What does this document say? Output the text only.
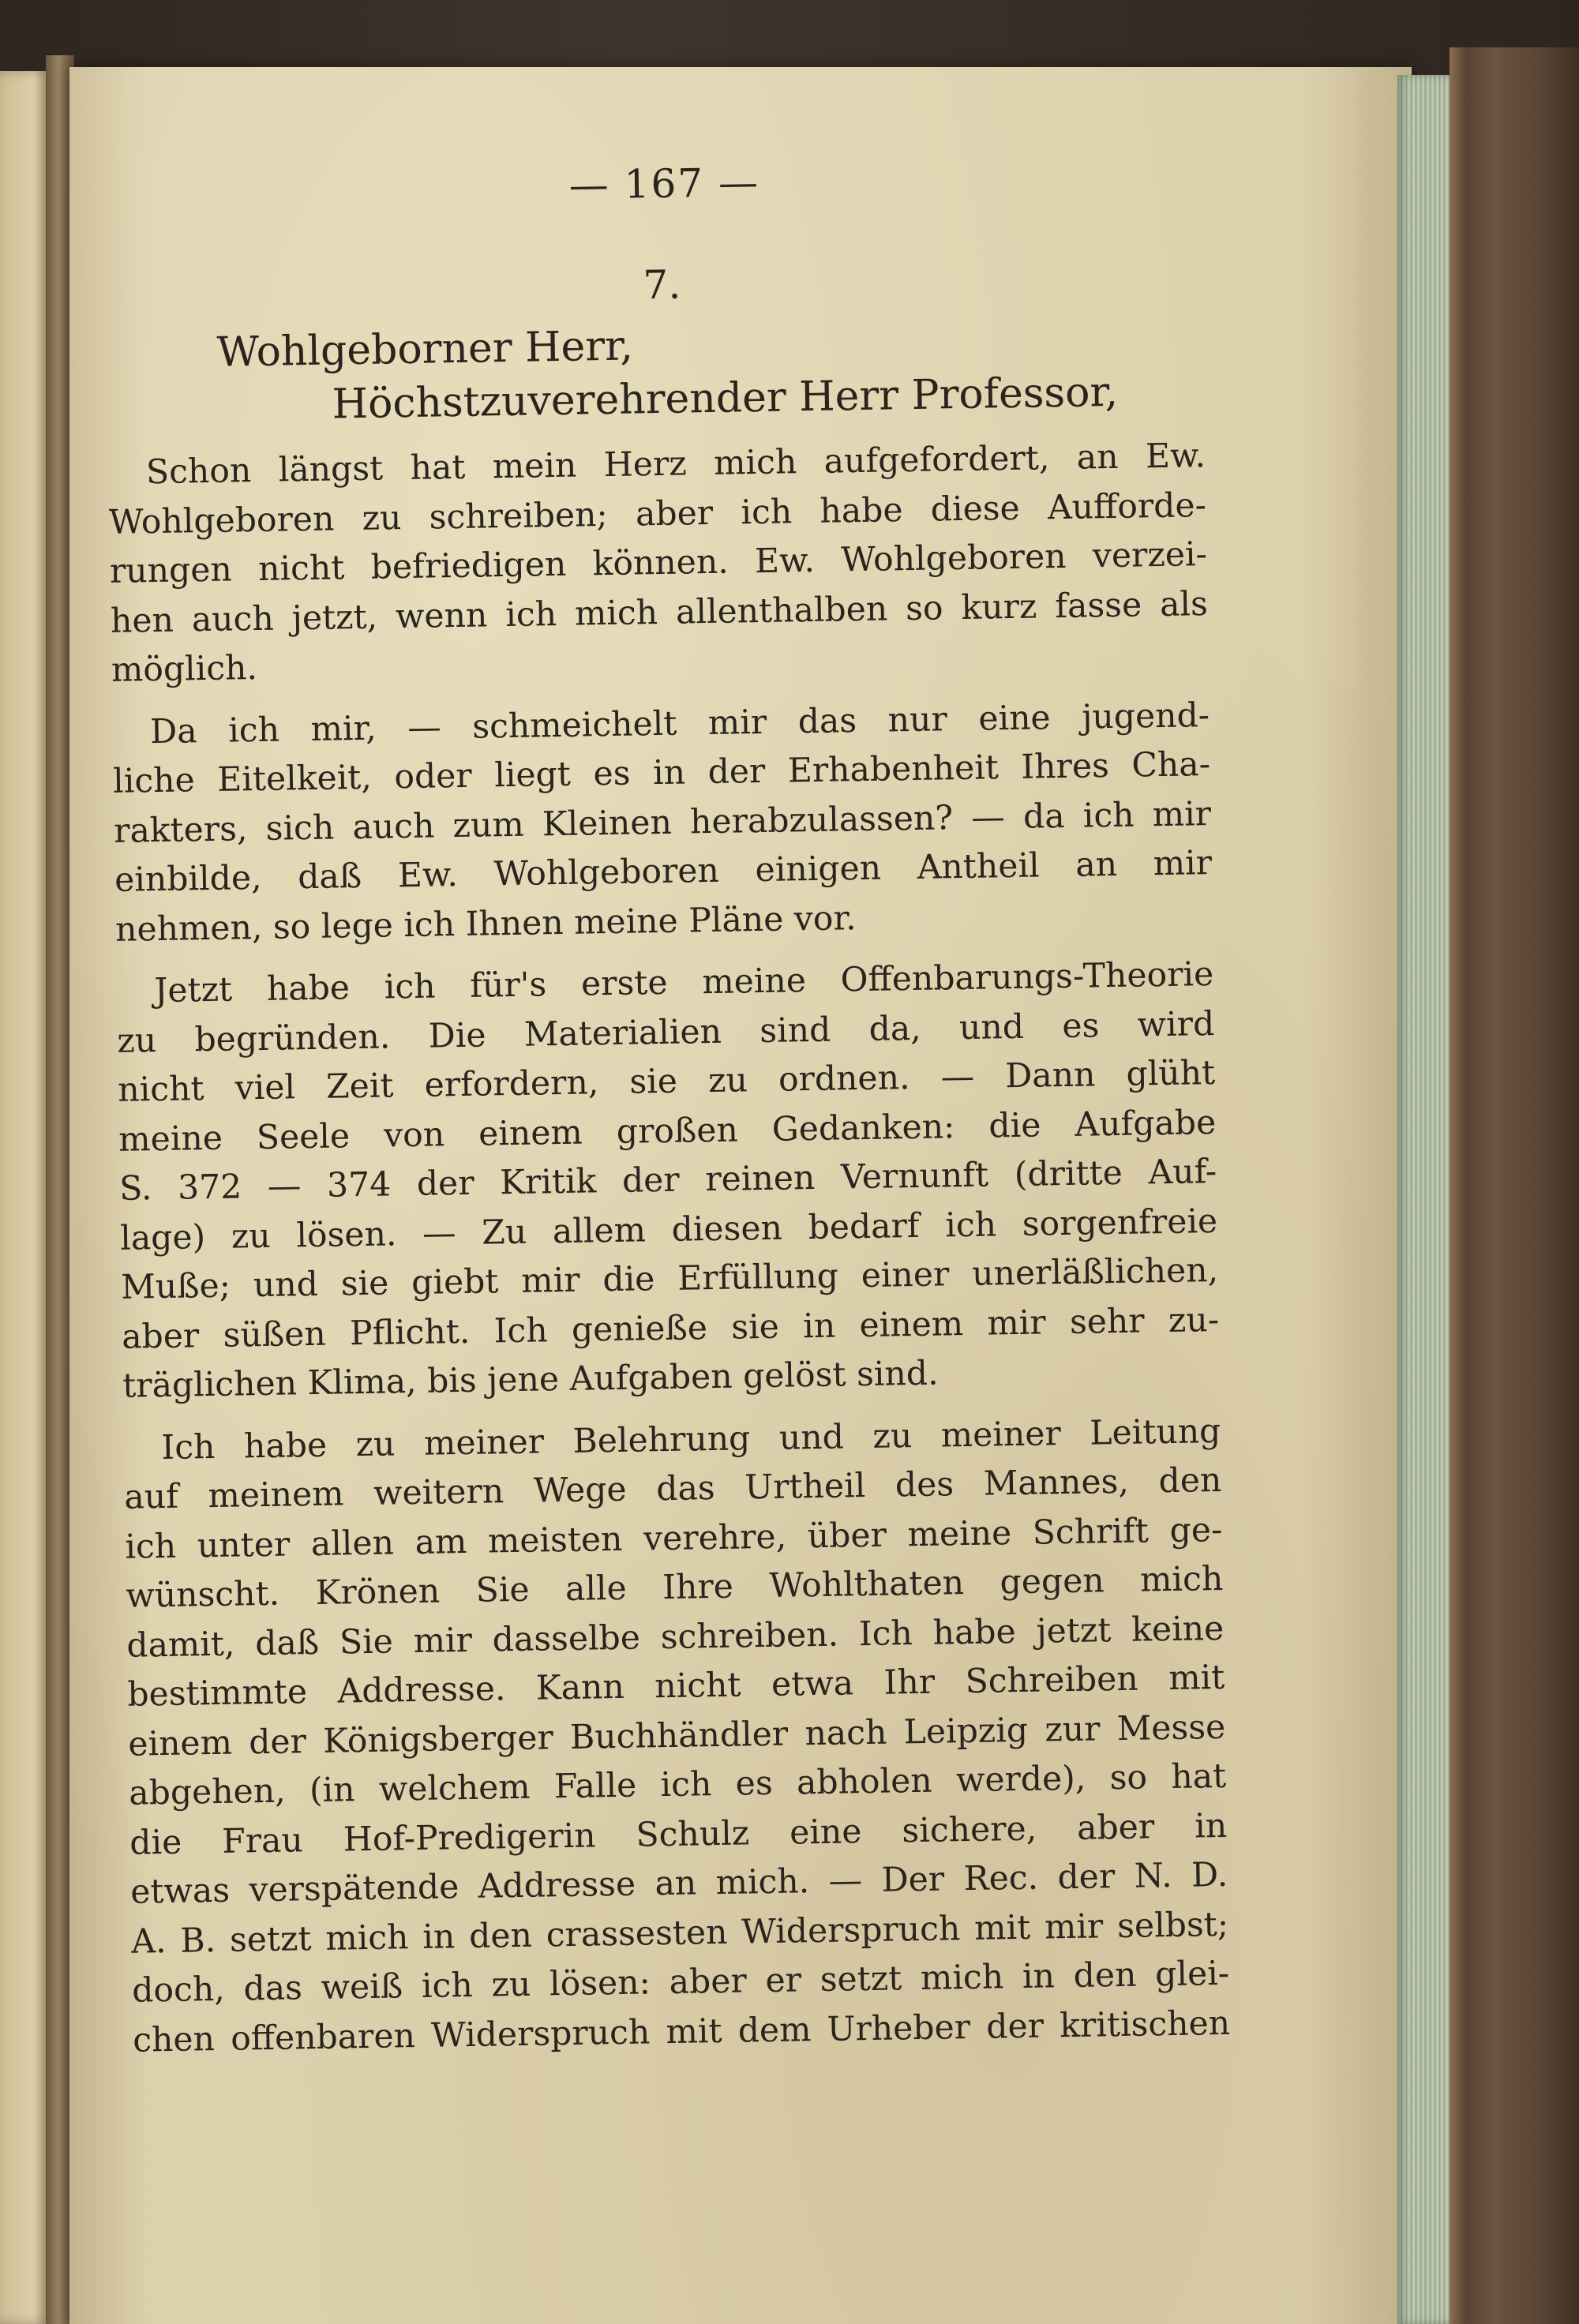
— 167 —
7.
Wohlgeborner Herr,
Höchstzuverehrender Herr Professor,
Schon längst hat mein Herz mich aufgefordert, an Ew.
Wohlgeboren zu schreiben; aber ich habe diese Aufforde-
rungen nicht befriedigen können. Ew. Wohlgeboren verzei-
hen auch jetzt, wenn ich mich allenthalben so kurz fasse als
möglich.
Da ich mir, — schmeichelt mir das nur eine jugend-
liche Eitelkeit, oder liegt es in der Erhabenheit Ihres Cha-
rakters, sich auch zum Kleinen herabzulassen? — da ich mir
einbilde, daß Ew. Wohlgeboren einigen Antheil an mir
nehmen, so lege ich Ihnen meine Pläne vor.
Jetzt habe ich für's erste meine Offenbarungs-Theorie
zu begründen. Die Materialien sind da, und es wird
nicht viel Zeit erfordern, sie zu ordnen. — Dann glüht
meine Seele von einem großen Gedanken: die Aufgabe
S. 372 — 374 der Kritik der reinen Vernunft (dritte Auf-
lage) zu lösen. — Zu allem diesen bedarf ich sorgenfreie
Muße; und sie giebt mir die Erfüllung einer unerläßlichen,
aber süßen Pflicht. Ich genieße sie in einem mir sehr zu-
träglichen Klima, bis jene Aufgaben gelöst sind.
Ich habe zu meiner Belehrung und zu meiner Leitung
auf meinem weitern Wege das Urtheil des Mannes, den
ich unter allen am meisten verehre, über meine Schrift ge-
wünscht. Krönen Sie alle Ihre Wohlthaten gegen mich
damit, daß Sie mir dasselbe schreiben. Ich habe jetzt keine
bestimmte Addresse. Kann nicht etwa Ihr Schreiben mit
einem der Königsberger Buchhändler nach Leipzig zur Messe
abgehen, (in welchem Falle ich es abholen werde), so hat
die Frau Hof-Predigerin Schulz eine sichere, aber in
etwas verspätende Addresse an mich. — Der Rec. der N. D.
A. B. setzt mich in den crassesten Widerspruch mit mir selbst;
doch, das weiß ich zu lösen: aber er setzt mich in den glei-
chen offenbaren Widerspruch mit dem Urheber der kritischen
